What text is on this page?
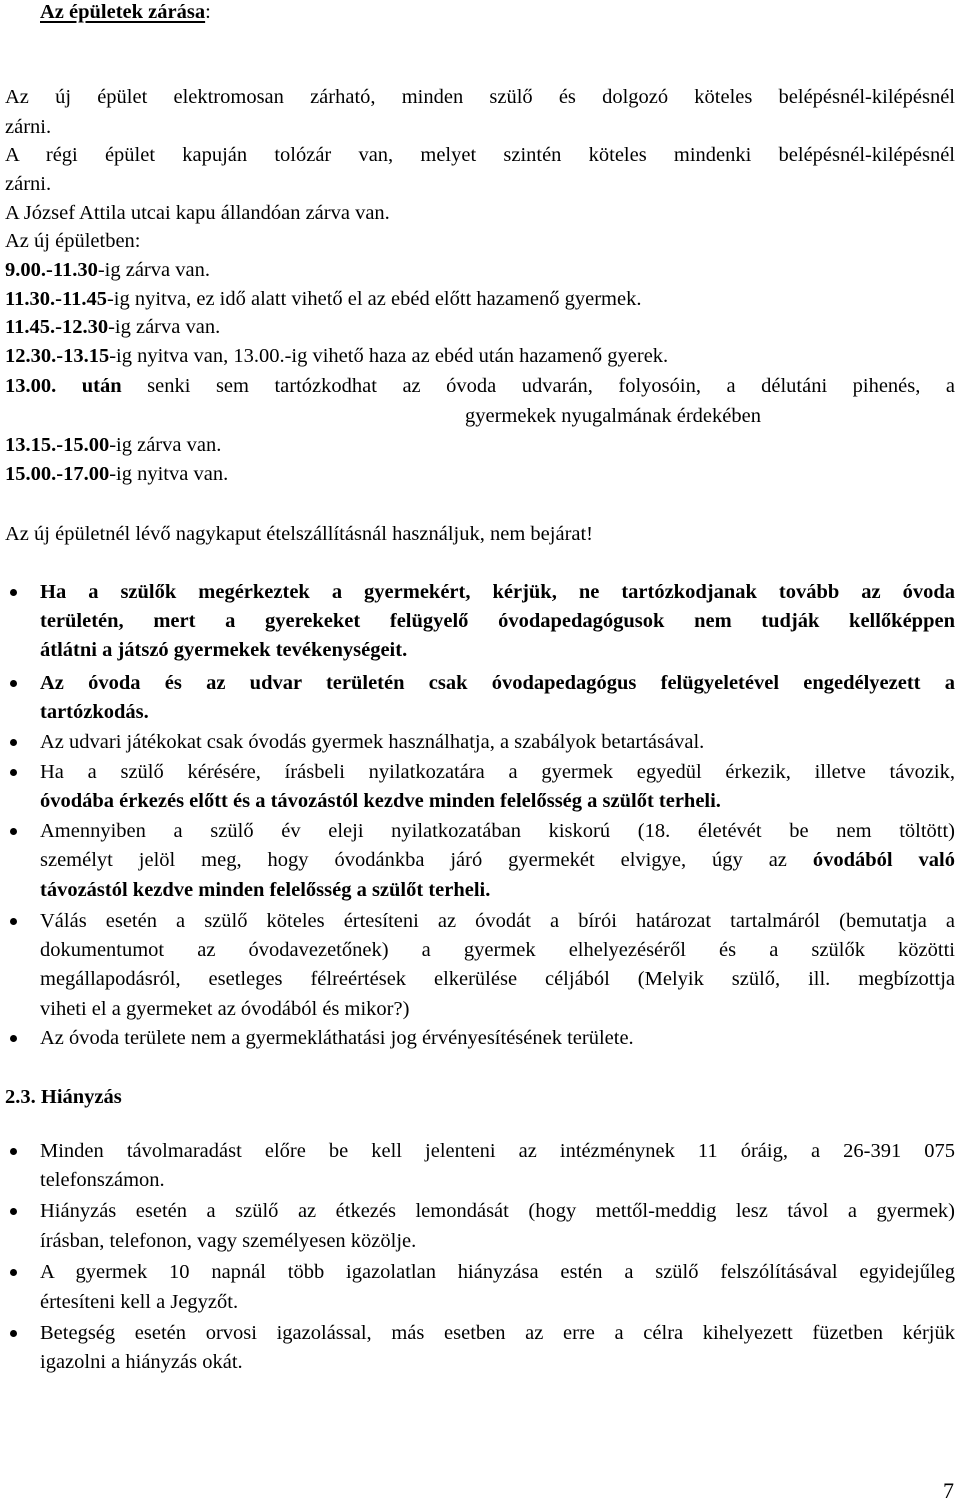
Az épületek zárása:
Az új épület elektromosan zárható, minden szülő és dolgozó köteles belépésnél-kilépésnél
zárni.
A régi épület kapuján tolózár van, melyet szintén köteles mindenki belépésnél-kilépésnél
zárni.
A József Attila utcai kapu állandóan zárva van.
Az új épületben:
9.00.-11.30-ig zárva van.
11.30.-11.45-ig nyitva, ez idő alatt vihető el az ebéd előtt hazamenő gyermek.
11.45.-12.30-ig zárva van.
12.30.-13.15-ig nyitva van, 13.00.-ig vihető haza az ebéd után hazamenő gyerek.
13.00. után senki sem tartózkodhat az óvoda udvarán, folyosóin, a délutáni pihenés, a
gyermekek nyugalmának érdekében
13.15.-15.00-ig zárva van.
15.00.-17.00-ig nyitva van.
Az új épületnél lévő nagykaput ételszállításnál használjuk, nem bejárat!
Ha a szülők megérkeztek a gyermekért, kérjük, ne tartózkodjanak tovább az óvoda
területén, mert a gyerekeket felügyelő óvodapedagógusok nem tudják kellőképpen
átlátni a játszó gyermekek tevékenységeit.
Az óvoda és az udvar területén csak óvodapedagógus felügyeletével engedélyezett a
tartózkodás.
Az udvari játékokat csak óvodás gyermek használhatja, a szabályok betartásával.
Ha a szülő kérésére, írásbeli nyilatkozatára a gyermek egyedül érkezik, illetve távozik,
óvodába érkezés előtt és a távozástól kezdve minden felelősség a szülőt terheli.
Amennyiben a szülő év eleji nyilatkozatában kiskorú (18. életévét be nem töltött)
személyt jelöl meg, hogy óvodánkba járó gyermekét elvigye, úgy az óvodából való
távozástól kezdve minden felelősség a szülőt terheli.
Válás esetén a szülő köteles értesíteni az óvodát a bírói határozat tartalmáról (bemutatja a
dokumentumot az óvodavezetőnek) a gyermek elhelyezéséről és a szülők közötti
megállapodásról, esetleges félreértések elkerülése céljából (Melyik szülő, ill. megbízottja
viheti el a gyermeket az óvodából és mikor?)
Az óvoda területe nem a gyermekláthatási jog érvényesítésének területe.
2.3. Hiányzás
Minden távolmaradást előre be kell jelenteni az intézménynek 11 óráig, a 26-391 075
telefonszámon.
Hiányzás esetén a szülő az étkezés lemondását (hogy mettől-meddig lesz távol a gyermek)
írásban, telefonon, vagy személyesen közölje.
A gyermek 10 napnál több igazolatlan hiányzása estén a szülő felszólításával egyidejűleg
értesíteni kell a Jegyzőt.
Betegség esetén orvosi igazolással, más esetben az erre a célra kihelyezett füzetben kérjük
igazolni a hiányzás okát.
7
